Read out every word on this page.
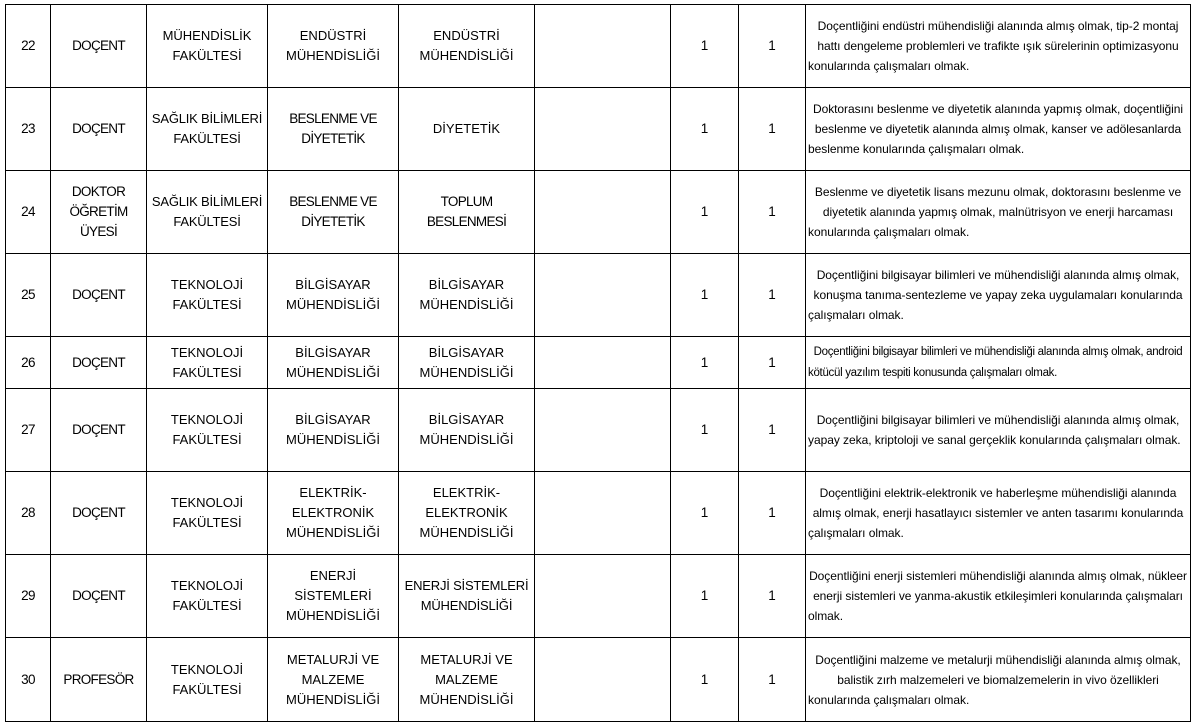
22	DOÇENT	MÜHENDİSLİK FAKÜLTESİ	ENDÜSTRİ MÜHENDİSLİĞİ	ENDÜSTRİ MÜHENDİSLİĞİ		1	1	Doçentliğini endüstri mühendisliği alanında almış olmak, tip-2 montaj hattı dengeleme problemleri ve trafikte ışık sürelerinin optimizasyonu konularında çalışmaları olmak.
23	DOÇENT	SAĞLIK BİLİMLERİ FAKÜLTESİ	BESLENME VE DİYETETİK	DİYETETİK		1	1	Doktorasını beslenme ve diyetetik alanında yapmış olmak, doçentliğini beslenme ve diyetetik alanında almış olmak, kanser ve adölesanlarda beslenme konularında çalışmaları olmak.
24	DOKTOR ÖĞRETİM ÜYESİ	SAĞLIK BİLİMLERİ FAKÜLTESİ	BESLENME VE DİYETETİK	TOPLUM BESLENMESİ		1	1	Beslenme ve diyetetik lisans mezunu olmak, doktorasını beslenme ve diyetetik alanında yapmış olmak, malnütrisyon ve enerji harcaması konularında çalışmaları olmak.
25	DOÇENT	TEKNOLOJİ FAKÜLTESİ	BİLGİSAYAR MÜHENDİSLİĞİ	BİLGİSAYAR MÜHENDİSLİĞİ		1	1	Doçentliğini bilgisayar bilimleri ve mühendisliği alanında almış olmak, konuşma tanıma-sentezleme ve yapay zeka uygulamaları konularında çalışmaları olmak.
26	DOÇENT	TEKNOLOJİ FAKÜLTESİ	BİLGİSAYAR MÜHENDİSLİĞİ	BİLGİSAYAR MÜHENDİSLİĞİ		1	1	Doçentliğini bilgisayar bilimleri ve mühendisliği alanında almış olmak, android kötücül yazılım tespiti konusunda çalışmaları olmak.
27	DOÇENT	TEKNOLOJİ FAKÜLTESİ	BİLGİSAYAR MÜHENDİSLİĞİ	BİLGİSAYAR MÜHENDİSLİĞİ		1	1	Doçentliğini bilgisayar bilimleri ve mühendisliği alanında almış olmak, yapay zeka, kriptoloji ve sanal gerçeklik konularında çalışmaları olmak.
28	DOÇENT	TEKNOLOJİ FAKÜLTESİ	ELEKTRİK-ELEKTRONİK MÜHENDİSLİĞİ	ELEKTRİK-ELEKTRONİK MÜHENDİSLİĞİ		1	1	Doçentliğini elektrik-elektronik ve haberleşme mühendisliği alanında almış olmak, enerji hasatlayıcı sistemler ve anten tasarımı konularında çalışmaları olmak.
29	DOÇENT	TEKNOLOJİ FAKÜLTESİ	ENERJİ SİSTEMLERİ MÜHENDİSLİĞİ	ENERJİ SİSTEMLERİ MÜHENDİSLİĞİ		1	1	Doçentliğini enerji sistemleri mühendisliği alanında almış olmak, nükleer enerji sistemleri ve yanma-akustik etkileşimleri konularında çalışmaları olmak.
30	PROFESÖR	TEKNOLOJİ FAKÜLTESİ	METALURJİ VE MALZEME MÜHENDİSLİĞİ	METALURJİ VE MALZEME MÜHENDİSLİĞİ		1	1	Doçentliğini malzeme ve metalurji mühendisliği alanında almış olmak, balistik zırh malzemeleri ve biomalzemelerin in vivo özellikleri konularında çalışmaları olmak.
